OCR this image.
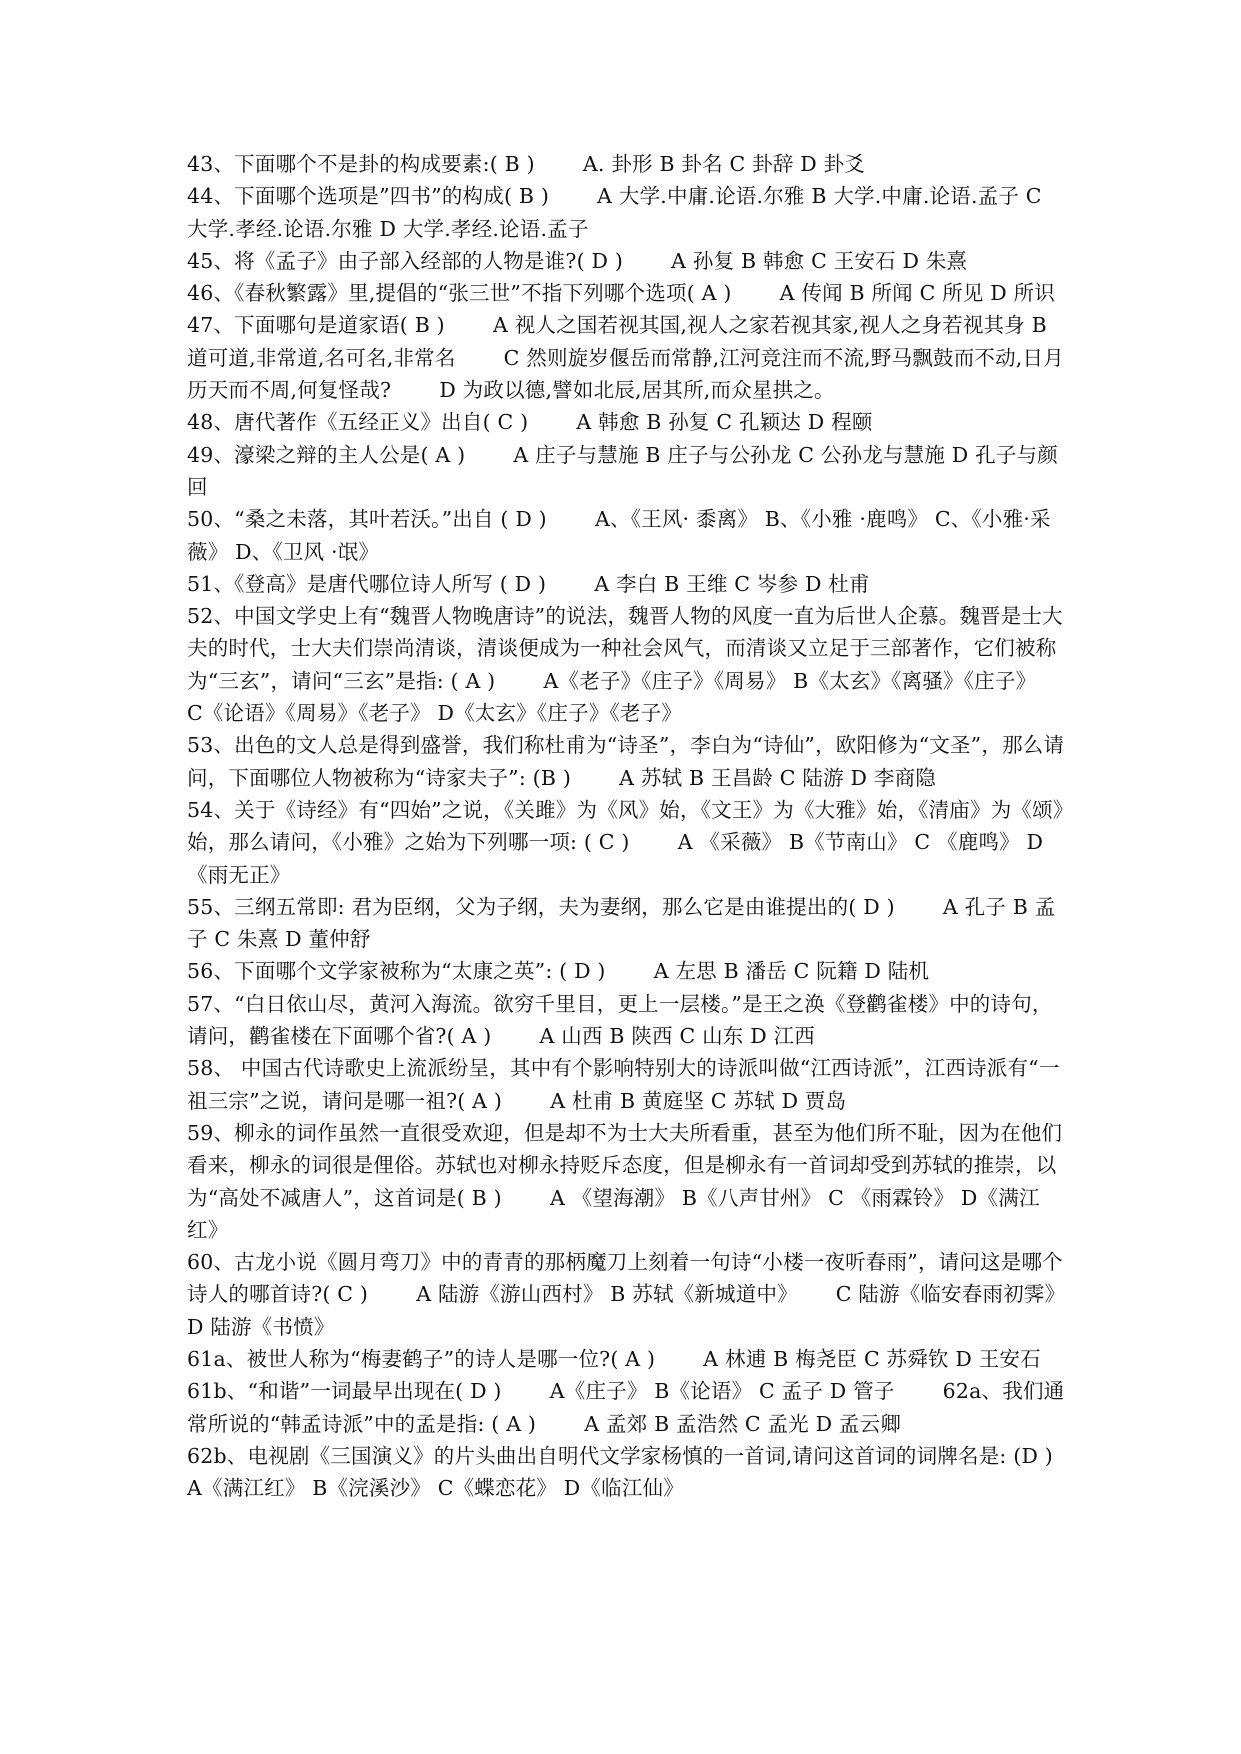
43、下面哪个不是卦的构成要素:( B )　　 A. 卦形 B 卦名 C 卦辞 D 卦爻

44、下面哪个选项是”四书”的构成( B )　　 A 大学.中庸.论语.尔雅 B 大学.中庸.论语.孟子 C 大学.孝经.论语.尔雅 D 大学.孝经.论语.孟子

45、将《孟子》由子部入经部的人物是谁?( D )　　 A 孙复 B 韩愈 C 王安石 D 朱熹

46、《春秋繁露》里,提倡的“张三世”不指下列哪个选项( A )　　 A 传闻 B 所闻 C 所见 D 所识

47、下面哪句是道家语( B )　　 A 视人之国若视其国,视人之家若视其家,视人之身若视其身 B 道可道,非常道,名可名,非常名　　 C 然则旋岁偃岳而常静,江河竞注而不流,野马飘鼓而不动,日月历天而不周,何复怪哉?　　 D 为政以德,譬如北辰,居其所,而众星拱之。

48、唐代著作《五经正义》出自( C )　　 A 韩愈 B 孙复 C 孔颖达 D 程颐

49、濠梁之辩的主人公是( A )　　 A 庄子与慧施 B 庄子与公孙龙 C 公孙龙与慧施 D 孔子与颜回

50、“桑之未落，其叶若沃。”出自 ( D )　　 A、《王风· 黍离》 B、《小雅 ·鹿鸣》 C、《小雅·采薇》 D、《卫风 ·氓》

51、《登高》是唐代哪位诗人所写 ( D )　　 A 李白 B 王维 C 岑参 D 杜甫

52、中国文学史上有“魏晋人物晚唐诗”的说法，魏晋人物的风度一直为后世人企慕。魏晋是士大夫的时代，士大夫们崇尚清谈，清谈便成为一种社会风气，而清谈又立足于三部著作，它们被称为“三玄”，请问“三玄”是指: ( A )　　 A《老子》《庄子》《周易》 B《太玄》《离骚》《庄子》　　 C《论语》《周易》《老子》 D《太玄》《庄子》《老子》

53、出色的文人总是得到盛誉，我们称杜甫为“诗圣”，李白为“诗仙”，欧阳修为“文圣”，那么请问，下面哪位人物被称为“诗家夫子”: (B )　　 A 苏轼 B 王昌龄 C 陆游 D 李商隐

54、关于《诗经》有“四始”之说，《关雎》为《风》始，《文王》为《大雅》始，《清庙》为《颂》始，那么请问，《小雅》之始为下列哪一项: ( C )　　 A 《采薇》 B《节南山》 C 《鹿鸣》 D《雨无正》

55、三纲五常即: 君为臣纲，父为子纲，夫为妻纲，那么它是由谁提出的( D )　　 A 孔子 B 孟子 C 朱熹 D 董仲舒

56、下面哪个文学家被称为“太康之英”: ( D )　　 A 左思 B 潘岳 C 阮籍 D 陆机

57、“白日依山尽，黄河入海流。欲穷千里目，更上一层楼。”是王之涣《登鹳雀楼》中的诗句，请问，鹳雀楼在下面哪个省?( A )　　 A 山西 B 陕西 C 山东 D 江西

58、 中国古代诗歌史上流派纷呈，其中有个影响特别大的诗派叫做“江西诗派”，江西诗派有“一祖三宗”之说，请问是哪一祖?( A )　　 A 杜甫 B 黄庭坚 C 苏轼 D 贾岛

59、柳永的词作虽然一直很受欢迎，但是却不为士大夫所看重，甚至为他们所不耻，因为在他们看来，柳永的词很是俚俗。苏轼也对柳永持贬斥态度，但是柳永有一首词却受到苏轼的推崇，以为“高处不减唐人”，这首词是( B )　　 A 《望海潮》 B《八声甘州》 C 《雨霖铃》 D《满江红》

60、古龙小说《圆月弯刀》中的青青的那柄魔刀上刻着一句诗“小楼一夜听春雨”，请问这是哪个诗人的哪首诗?( C )　　 A 陆游《游山西村》 B 苏轼《新城道中》　　 C 陆游《临安春雨初霁》 D 陆游《书愤》

61a、被世人称为“梅妻鹤子”的诗人是哪一位?( A )　　 A 林逋 B 梅尧臣 C 苏舜钦 D 王安石

61b、“和谐”一词最早出现在( D )　　 A《庄子》 B《论语》 C 孟子 D 管子　　 62a、我们通常所说的“韩孟诗派”中的孟是指: ( A )　　 A 孟郊 B 孟浩然 C 孟光 D 孟云卿

62b、电视剧《三国演义》的片头曲出自明代文学家杨慎的一首词,请问这首词的词牌名是: (D )　　 A《满江红》 B《浣溪沙》 C《蝶恋花》 D《临江仙》
